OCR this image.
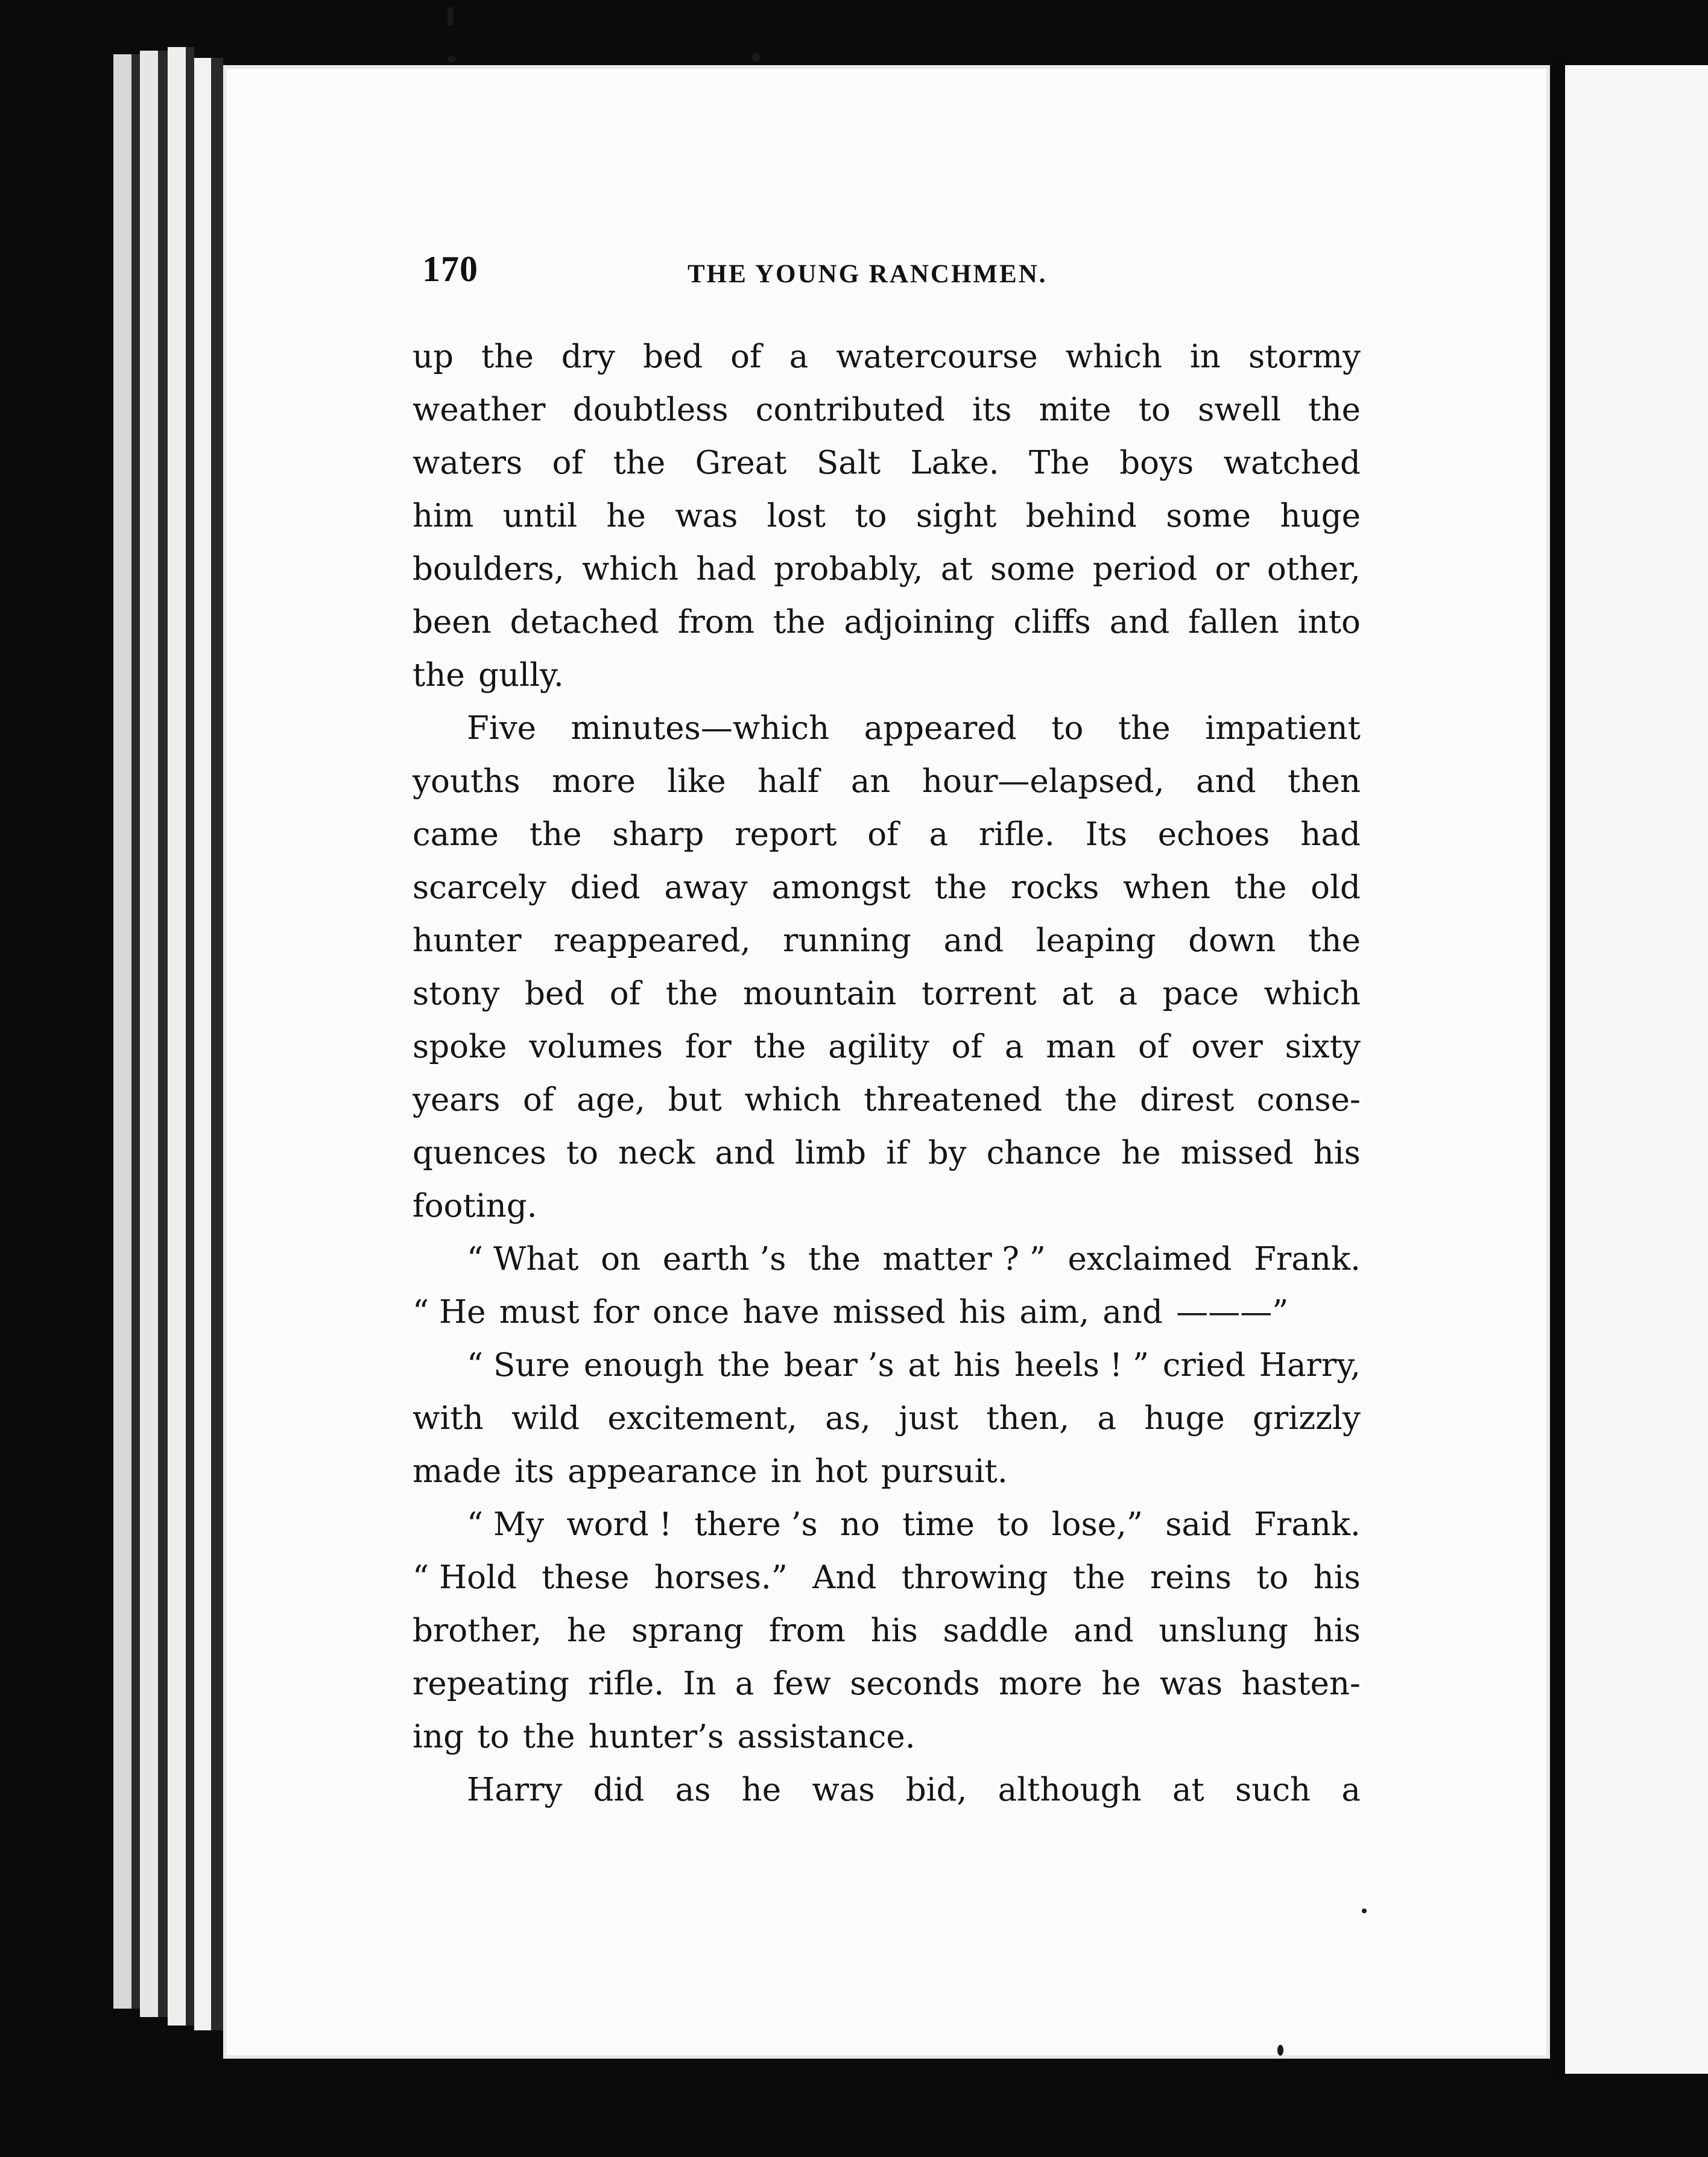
170	THE YOUNG RANCHMEN.
up the dry bed of a watercourse which in stormy
weather doubtless contributed its mite to swell the
waters of the Great Salt Lake. The boys watched
him until he was lost to sight behind some huge
boulders, which had probably, at some period or other,
been detached from the adjoining cliffs and fallen into
the gully.
Five minutes—which appeared to the impatient
youths more like half an hour—elapsed, and then
came the sharp report of a rifle. Its echoes had
scarcely died away amongst the rocks when the old
hunter reappeared, running and leaping down the
stony bed of the mountain torrent at a pace which
spoke volumes for the agility of a man of over sixty
years of age, but which threatened the direst conse-
quences to neck and limb if by chance he missed his
footing.
“ What on earth ’s the matter ? ” exclaimed Frank.
“ He must for once have missed his aim, and ———”
“ Sure enough the bear ’s at his heels ! ” cried Harry,
with wild excitement, as, just then, a huge grizzly
made its appearance in hot pursuit.
“ My word ! there ’s no time to lose,” said Frank.
“ Hold these horses.” And throwing the reins to his
brother, he sprang from his saddle and unslung his
repeating rifle. In a few seconds more he was hasten-
ing to the hunter’s assistance.
Harry did as he was bid, although at such a
